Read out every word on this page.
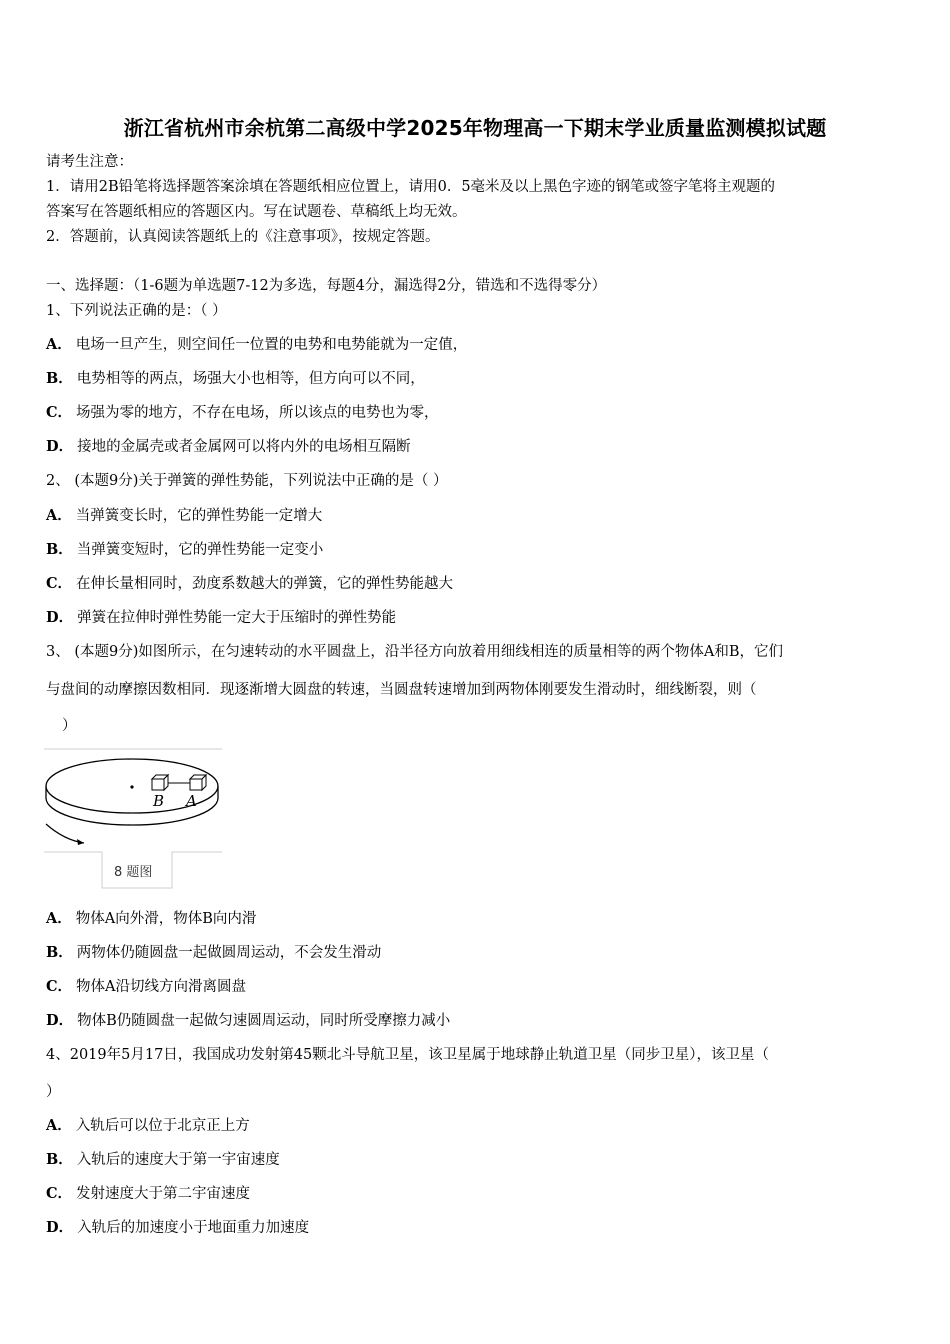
浙江省杭州市余杭第二高级中学2025年物理高一下期末学业质量监测模拟试题
请考生注意：
1．请用2B铅笔将选择题答案涂填在答题纸相应位置上，请用0．5毫米及以上黑色字迹的钢笔或签字笔将主观题的
答案写在答题纸相应的答题区内。写在试题卷、草稿纸上均无效。
2．答题前，认真阅读答题纸上的《注意事项》，按规定答题。
一、选择题：（1-6题为单选题7-12为多选，每题4分，漏选得2分，错选和不选得零分）
1、下列说法正确的是：（ ）
A． 电场一旦产生，则空间任一位置的电势和电势能就为一定值，
B． 电势相等的两点，场强大小也相等，但方向可以不同，
C． 场强为零的地方，不存在电场，所以该点的电势也为零，
D． 接地的金属壳或者金属网可以将内外的电场相互隔断
2、 (本题9分)关于弹簧的弹性势能，下列说法中正确的是（ ）
A． 当弹簧变长时，它的弹性势能一定增大
B． 当弹簧变短时，它的弹性势能一定变小
C． 在伸长量相同时，劲度系数越大的弹簧，它的弹性势能越大
D． 弹簧在拉伸时弹性势能一定大于压缩时的弹性势能
3、 (本题9分)如图所示，在匀速转动的水平圆盘上，沿半径方向放着用细线相连的质量相等的两个物体A和B，它们
与盘间的动摩擦因数相同．现逐渐增大圆盘的转速，当圆盘转速增加到两物体刚要发生滑动时，细线断裂，则（
）
B A
8 题图
A． 物体A向外滑，物体B向内滑
B． 两物体仍随圆盘一起做圆周运动，不会发生滑动
C． 物体A沿切线方向滑离圆盘
D． 物体B仍随圆盘一起做匀速圆周运动，同时所受摩擦力减小
4、2019年5月17日，我国成功发射第45颗北斗导航卫星，该卫星属于地球静止轨道卫星（同步卫星），该卫星（
）
A． 入轨后可以位于北京正上方
B． 入轨后的速度大于第一宇宙速度
C． 发射速度大于第二宇宙速度
D． 入轨后的加速度小于地面重力加速度
